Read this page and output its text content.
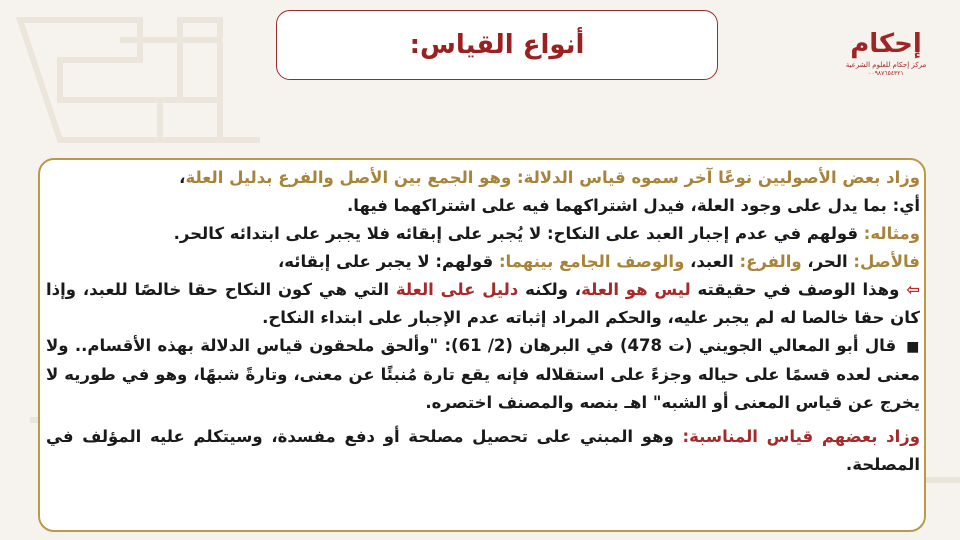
أنواع القياس:	إحكام
مركز إحكام للعلوم الشرعية
٠٠٩٨٧٦٥٤٣٢١

وزاد بعض الأصوليين نوعًا آخر سموه قياس الدلالة: وهو الجمع بين الأصل والفرع بدليل العلة،

أي: بما يدل على وجود العلة، فيدل اشتراكهما فيه على اشتراكهما فيها.

ومثاله: قولهم في عدم إجبار العبد على النكاح: لا يُجبر على إبقائه فلا يجبر على ابتدائه كالحر.

فالأصل: الحر، والفرع: العبد، والوصف الجامع بينهما: قولهم: لا يجبر على إبقائه،

⇦ وهذا الوصف في حقيقته ليس هو العلة، ولكنه دليل على العلة التي هي كون النكاح حقا خالصًا للعبد، وإذا كان حقا خالصا له لم يجبر عليه، والحكم المراد إثباته عدم الإجبار على ابتداء النكاح.

■قال أبو المعالي الجويني (ت 478) في البرهان (2/ 61): "وألحق ملحقون قياس الدلالة بهذه الأقسام.. ولا معنى لعده قسمًا على حياله وجزءً على استقلاله فإنه يقع تارة مُنبئًا عن معنى، وتارةً شبهًا، وهو في طوريه لا يخرج عن قياس المعنى أو الشبه" اهـ بنصه والمصنف اختصره.

وزاد بعضهم قياس المناسبة: وهو المبني على تحصيل مصلحة أو دفع مفسدة، وسيتكلم عليه المؤلف في المصلحة.
